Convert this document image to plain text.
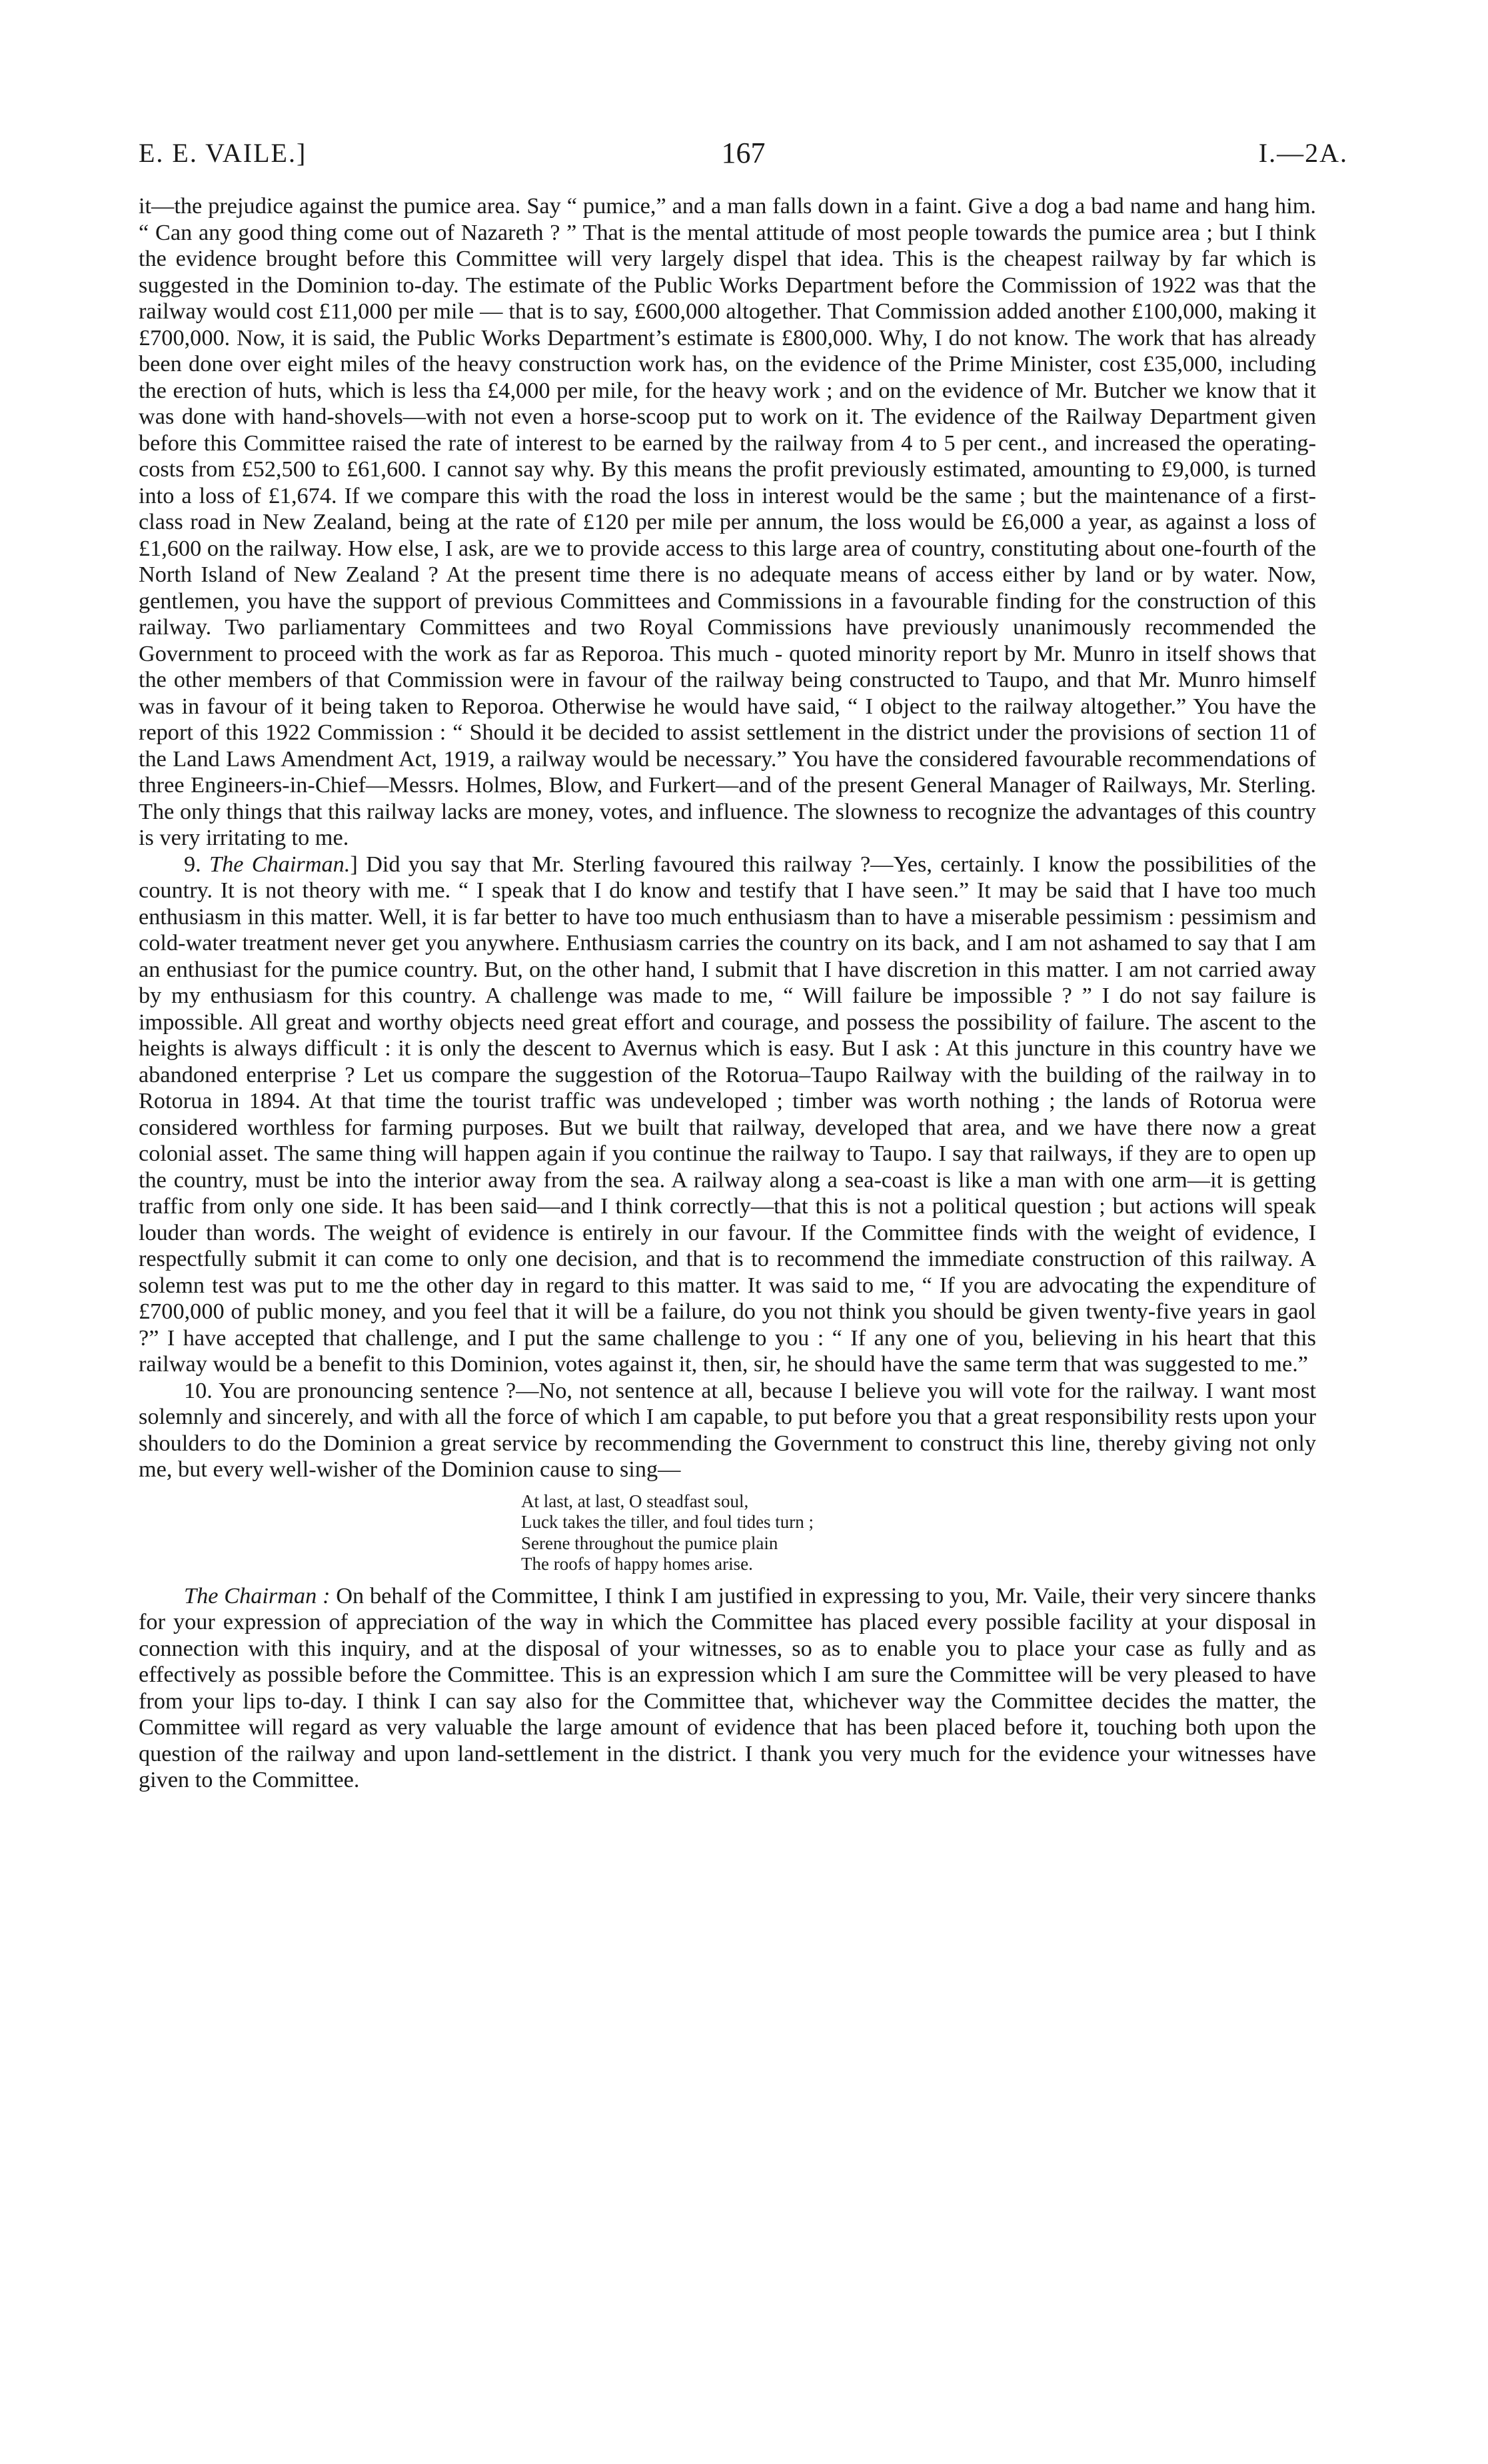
E. E. VAILE.]	167	I.—2A.

it—the prejudice against the pumice area. Say “ pumice,” and a man falls down in a faint. Give a dog a bad name and hang him. “ Can any good thing come out of Nazareth ? ” That is the mental attitude of most people towards the pumice area ; but I think the evidence brought before this Committee will very largely dispel that idea. This is the cheapest railway by far which is suggested in the Dominion to-day. The estimate of the Public Works Department before the Commission of 1922 was that the railway would cost £11,000 per mile — that is to say, £600,000 altogether. That Commission added another £100,000, making it £700,000. Now, it is said, the Public Works Department’s estimate is £800,000. Why, I do not know. The work that has already been done over eight miles of the heavy construction work has, on the evidence of the Prime Minister, cost £35,000, including the erection of huts, which is less tha £4,000 per mile, for the heavy work ; and on the evidence of Mr. Butcher we know that it was done with hand-shovels—with not even a horse-scoop put to work on it. The evidence of the Railway Department given before this Committee raised the rate of interest to be earned by the railway from 4 to 5 per cent., and increased the operating-costs from £52,500 to £61,600. I cannot say why. By this means the profit previously estimated, amounting to £9,000, is turned into a loss of £1,674. If we compare this with the road the loss in interest would be the same ; but the maintenance of a first-class road in New Zealand, being at the rate of £120 per mile per annum, the loss would be £6,000 a year, as against a loss of £1,600 on the railway. How else, I ask, are we to provide access to this large area of country, constituting about one-fourth of the North Island of New Zealand ? At the present time there is no adequate means of access either by land or by water. Now, gentlemen, you have the support of previous Committees and Commissions in a favourable finding for the construction of this railway. Two parliamentary Committees and two Royal Commissions have previously unanimously recommended the Government to proceed with the work as far as Reporoa. This much - quoted minority report by Mr. Munro in itself shows that the other members of that Commission were in favour of the railway being constructed to Taupo, and that Mr. Munro himself was in favour of it being taken to Reporoa. Otherwise he would have said, “ I object to the railway altogether.” You have the report of this 1922 Commission : “ Should it be decided to assist settlement in the district under the provisions of section 11 of the Land Laws Amendment Act, 1919, a railway would be necessary.” You have the considered favourable recommendations of three Engineers-in-Chief—Messrs. Holmes, Blow, and Furkert—and of the present General Manager of Railways, Mr. Sterling. The only things that this railway lacks are money, votes, and influence. The slowness to recognize the advantages of this country is very irritating to me.

9. The Chairman.] Did you say that Mr. Sterling favoured this railway ?—Yes, certainly. I know the possibilities of the country. It is not theory with me. “ I speak that I do know and testify that I have seen.” It may be said that I have too much enthusiasm in this matter. Well, it is far better to have too much enthusiasm than to have a miserable pessimism : pessimism and cold-water treatment never get you anywhere. Enthusiasm carries the country on its back, and I am not ashamed to say that I am an enthusiast for the pumice country. But, on the other hand, I submit that I have discretion in this matter. I am not carried away by my enthusiasm for this country. A challenge was made to me, “ Will failure be impossible ? ” I do not say failure is impossible. All great and worthy objects need great effort and courage, and possess the possibility of failure. The ascent to the heights is always difficult : it is only the descent to Avernus which is easy. But I ask : At this juncture in this country have we abandoned enterprise ? Let us compare the suggestion of the Rotorua–Taupo Railway with the building of the railway in to Rotorua in 1894. At that time the tourist traffic was undeveloped ; timber was worth nothing ; the lands of Rotorua were considered worthless for farming purposes. But we built that railway, developed that area, and we have there now a great colonial asset. The same thing will happen again if you continue the railway to Taupo. I say that railways, if they are to open up the country, must be into the interior away from the sea. A railway along a sea-coast is like a man with one arm—it is getting traffic from only one side. It has been said—and I think correctly—that this is not a political question ; but actions will speak louder than words. The weight of evidence is entirely in our favour. If the Committee finds with the weight of evidence, I respectfully submit it can come to only one decision, and that is to recommend the immediate construction of this railway. A solemn test was put to me the other day in regard to this matter. It was said to me, “ If you are advocating the expenditure of £700,000 of public money, and you feel that it will be a failure, do you not think you should be given twenty-five years in gaol ?” I have accepted that challenge, and I put the same challenge to you : “ If any one of you, believing in his heart that this railway would be a benefit to this Dominion, votes against it, then, sir, he should have the same term that was suggested to me.”

10. You are pronouncing sentence ?—No, not sentence at all, because I believe you will vote for the railway. I want most solemnly and sincerely, and with all the force of which I am capable, to put before you that a great responsibility rests upon your shoulders to do the Dominion a great service by recommending the Government to construct this line, thereby giving not only me, but every well-wisher of the Dominion cause to sing—

At last, at last, O steadfast soul,
Luck takes the tiller, and foul tides turn ;
Serene throughout the pumice plain
The roofs of happy homes arise.

The Chairman : On behalf of the Committee, I think I am justified in expressing to you, Mr. Vaile, their very sincere thanks for your expression of appreciation of the way in which the Committee has placed every possible facility at your disposal in connection with this inquiry, and at the disposal of your witnesses, so as to enable you to place your case as fully and as effectively as possible before the Committee. This is an expression which I am sure the Committee will be very pleased to have from your lips to-day. I think I can say also for the Committee that, whichever way the Committee decides the matter, the Committee will regard as very valuable the large amount of evidence that has been placed before it, touching both upon the question of the railway and upon land-settlement in the district. I thank you very much for the evidence your witnesses have given to the Committee.
